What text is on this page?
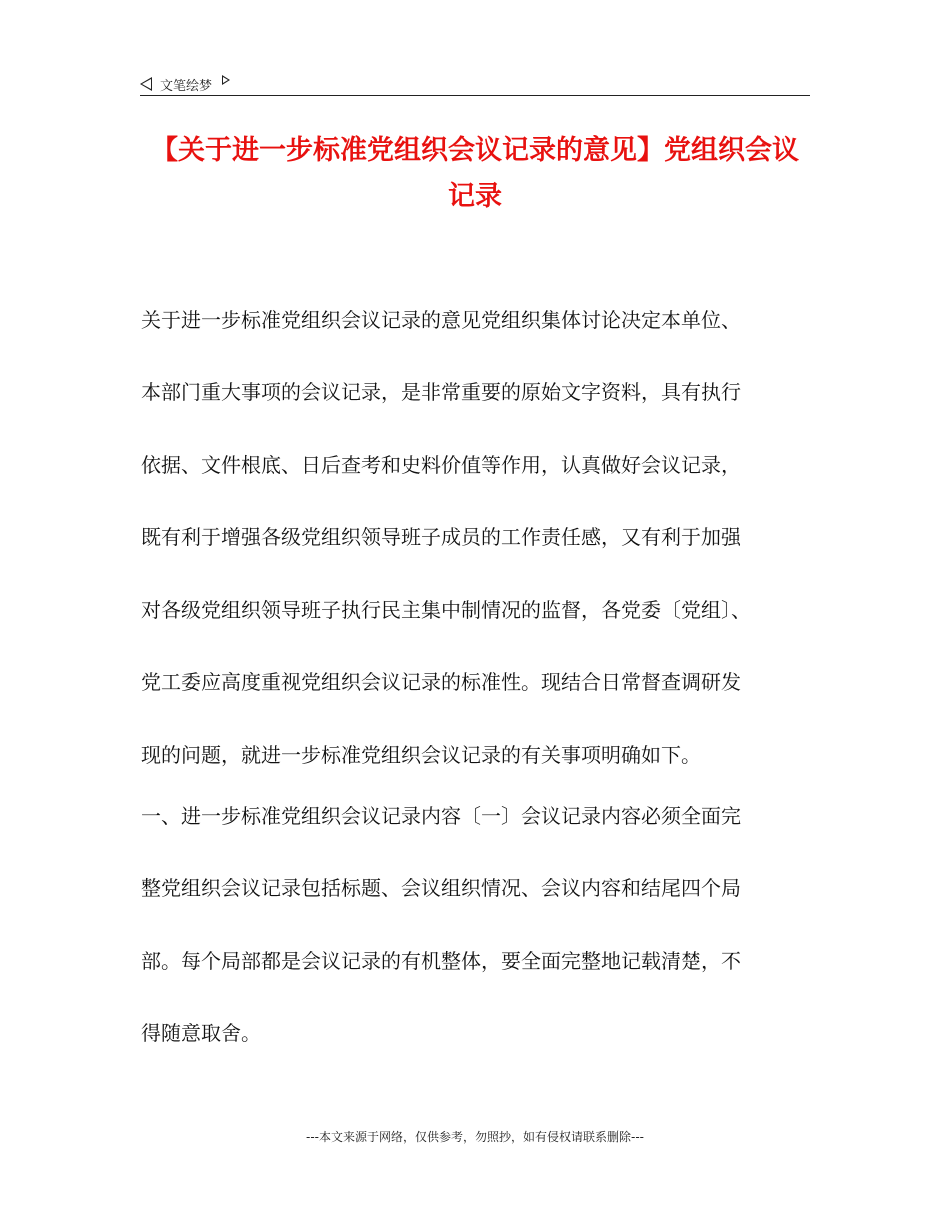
文笔绘梦
【关于进一步标准党组织会议记录的意见】党组织会议
记录
关于进一步标准党组织会议记录的意见党组织集体讨论决定本单位、
本部门重大事项的会议记录，是非常重要的原始文字资料，具有执行
依据、文件根底、日后查考和史料价值等作用，认真做好会议记录，
既有利于增强各级党组织领导班子成员的工作责任感，又有利于加强
对各级党组织领导班子执行民主集中制情况的监督，各党委〔党组〕、
党工委应高度重视党组织会议记录的标准性。现结合日常督查调研发
现的问题，就进一步标准党组织会议记录的有关事项明确如下。
一、进一步标准党组织会议记录内容〔一〕会议记录内容必须全面完
整党组织会议记录包括标题、会议组织情况、会议内容和结尾四个局
部。每个局部都是会议记录的有机整体，要全面完整地记载清楚，不
得随意取舍。
---本文来源于网络，仅供参考，勿照抄，如有侵权请联系删除---
